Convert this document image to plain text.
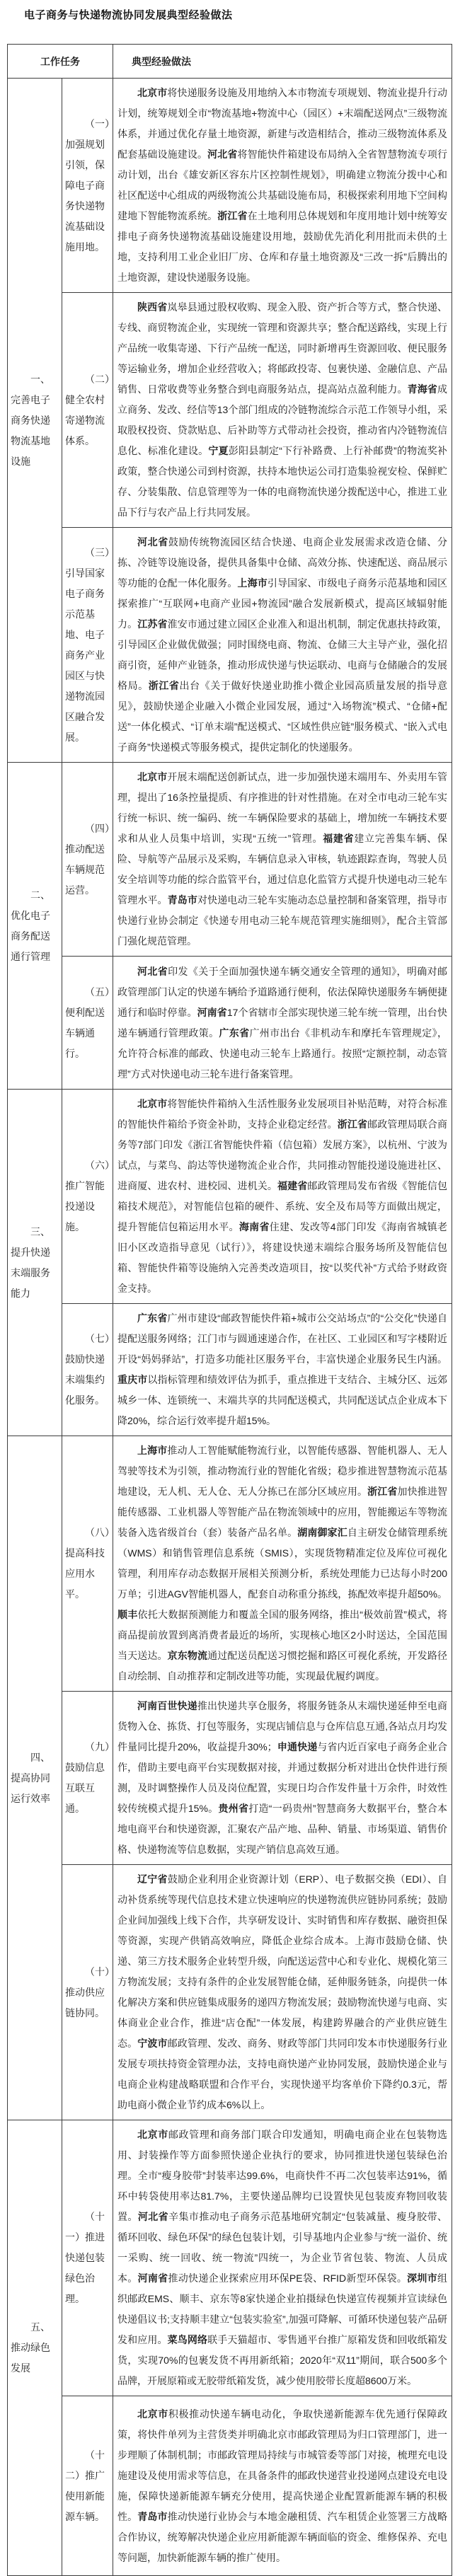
电子商务与快递物流协同发展典型经验做法
工作任务		典型经验做法

一、完善电子商务快递物流基地设施	（一）加强规划引领，保障电子商务快递物流基础设施用地。	北京市将快递服务设施及用地纳入本市物流专项规划、物流业提升行动计划，统筹规划全市“物流基地+物流中心（园区）+末端配送网点”三级物流体系，并通过优化存量土地资源，新建与改造相结合，推动三级物流体系及配套基础设施建设。河北省将智能快件箱建设布局纳入全省智慧物流专项行动计划，出台《雄安新区容东片区控制性规划》，明确建立物流分拨中心和社区配送中心组成的两级物流公共基础设施布局，积极探索利用地下空间构建地下智能物流系统。浙江省在土地利用总体规划和年度用地计划中统筹安排电子商务快递物流基础设施建设用地，鼓励优先消化利用批而未供的土地，支持利用工业企业旧厂房、仓库和存量土地资源及“三改一拆”后腾出的土地资源，建设快递服务设施。

	（二）健全农村寄递物流体系。	陕西省岚皋县通过股权收购、现金入股、资产折合等方式，整合快递、专线、商贸物流企业，实现统一管理和资源共享；整合配送路线，实现上行产品统一收集寄递、下行产品统一配送，同时新增再生资源回收、便民服务等运输业务，增加企业经营收入；将邮政投寄、包裹快递、金融信息、产品销售、日常收费等业务整合到电商服务站点，提高站点盈利能力。青海省成立商务、发改、经信等13个部门组成的冷链物流综合示范工作领导小组，采取股权投资、贷款贴息、后补助等方式带动社会投资，推动省内冷链物流信息化、标准化建设。宁夏彭阳县制定“下行补路费、上行补邮费”的物流奖补政策，整合快递公司到村资源，扶持本地快运公司打造集验视安检、保鲜贮存、分装集散、信息管理等为一体的电商物流快递分拨配送中心，推进工业品下行与农产品上行共同发展。

	（三）引导国家电子商务示范基地、电子商务产业园区与快递物流园区融合发展。	河北省鼓励传统物流园区结合快递、电商企业发展需求改造仓储、分拣、冷链等设施设备，提供具备集中仓储、高效分拣、快速配送、商品展示等功能的仓配一体化服务。上海市引导国家、市级电子商务示范基地和园区探索推广“互联网+电商产业园+物流园”融合发展新模式，提高区域辐射能力。江苏省淮安市通过建立园区企业准入和退出机制，制定优惠扶持政策，引导园区企业做优做强；同时围绕电商、物流、仓储三大主导产业，强化招商引资，延伸产业链条，推动形成快递与快运联动、电商与仓储融合的发展格局。浙江省出台《关于做好快递业助推小微企业园高质量发展的指导意见》，鼓励快递企业融入小微企业园发展，通过“入场物流”模式、“仓储+配送”一体化模式、“订单末端”配送模式、“区域性供应链”服务模式、“嵌入式电子商务”快递模式等服务模式，提供定制化的快递服务。

二、优化电子商务配送通行管理	（四）推动配送车辆规范运营。	北京市开展末端配送创新试点，进一步加强快递末端用车、外卖用车管理，提出了16条控量提质、有序推进的针对性措施。在对全市电动三轮车实行统一标识、统一编码、统一车辆保险要求的基础上，增加统一车辆技术要求和从业人员集中培训，实现“五统一”管理。福建省建立完善集车辆、保险、导航等产品展示及采购，车辆信息录入审核，轨迹跟踪查询，驾驶人员安全培训等功能的综合监管平台，通过信息化监管方式提升快递电动三轮车管理水平。青岛市对快递电动三轮车实施动态总量控制和备案管理，指导市快递行业协会制定《快递专用电动三轮车规范管理实施细则》，配合主管部门强化规范管理。

	（五）便利配送车辆通行。	河北省印发《关于全面加强快递车辆交通安全管理的通知》，明确对邮政管理部门认定的快递车辆给予道路通行便利，依法保障快递服务车辆便捷通行和临时停靠。河南省17个省辖市全部实现快递三轮车统一管理，出台快递车辆通行管理政策。广东省广州市出台《非机动车和摩托车管理规定》，允许符合标准的邮政、快递电动三轮车上路通行。按照“定额控制，动态管理”方式对快递电动三轮车进行备案管理。

三、提升快递末端服务能力	（六）推广智能投递设施。	北京市将智能快件箱纳入生活性服务业发展项目补贴范畴，对符合标准的智能快件箱给予资金补助，支持企业稳定经营。浙江省邮政管理局联合商务等7部门印发《浙江省智能快件箱（信包箱）发展方案》，以杭州、宁波为试点，与菜鸟、韵达等快递物流企业合作，共同推动智能投递设施进社区、进商厦、进农村、进校园、进机关。福建省邮政管理局发布省级《智能信包箱技术规范》，对智能信包箱的硬件、系统、安全及布局等方面做出规定，提升智能信包箱运用水平。海南省住建、发改等4部门印发《海南省城镇老旧小区改造指导意见（试行）》，将建设快递末端综合服务场所及智能信包箱、智能快件箱等设施纳入完善类改造项目，按“以奖代补”方式给予财政资金支持。

	（七）鼓励快递末端集约化服务。	广东省广州市建设“邮政智能快件箱+城市公交站场点”的“公交化”快递自提配送服务网络；江门市与圆通速递合作，在社区、工业园区和写字楼附近开设“妈妈驿站”，打造多功能社区服务平台，丰富快递企业服务民生内涵。重庆市以指标管理和绩效评估为抓手，重点推进干支结合、主城分区、远郊城乡一体、连锁统一、末端共享的共同配送模式，共同配送试点企业成本下降20%，综合运行效率提升超15%。

四、提高协同运行效率	（八）提高科技应用水平。	上海市推动人工智能赋能物流行业，以智能传感器、智能机器人、无人驾驶等技术为引领，推动物流行业的智能化省级；稳步推进智慧物流示范基地建设，无人机、无人仓、无人分拣已在部分区域应用。浙江省加快推进智能传感器、工业机器人等智能产品在物流领域中的应用，智能搬运车等物流装备入选省级首台（套）装备产品名单。湖南御家汇自主研发仓储管理系统（WMS）和销售管理信息系统（SMIS），实现货物精准定位及库位可视化管理，利用库存动态数据开展相关预测分析，系统处理能力已达每小时200万单；引进AGV智能机器人，配套自动称重分拣线，拣配效率提升超50%。顺丰依托大数据预测能力和覆盖全国的服务网络，推出“极效前置”模式，将商品提前放置到离消费者最近的场所，实现核心地区2小时送达，全国范围当天送达。京东物流通过配送员配送习惯挖掘和路区可视化系统，开发路径自动绘制、自动推荐和定制改进等功能，实现最优履约调度。

	（九）鼓励信息互联互通。	河南百世快递推出快递共享仓服务，将服务链条从末端快递延伸至电商货物入仓、拣货、打包等服务，实现店铺信息与仓库信息互通,各站点月均发件量同比提升20%，收益提升30%；申通快递与省内近百家电子商务企业合作，借助主要电商平台实现数据对接，并通过数据分析对进出仓快件进行预测，及时调整操作人员及岗位配置，实现日均合作发件量十万余件，时效性较传统模式提升15%。贵州省打造“一码贵州”智慧商务大数据平台，整合本地电商平台和快递资源，汇聚农产品产地、品种、销量、市场渠道、销售价格、快递物流等信息数据，实现产销信息高效互通。

	（十）推动供应链协同。	辽宁省鼓励企业利用企业资源计划（ERP）、电子数据交换（EDI）、自动补货系统等现代信息技术建立快速响应的快递物流供应链协同系统；鼓励企业间加强线上线下合作，共享研发设计、实时销售和库存数据、融资担保等资源，实现产供销高效响应，降低企业综合成本。上海市鼓励仓储、快递、第三方技术服务企业转型升级，向配送运营中心和专业化、规模化第三方物流发展；支持有条件的企业发展智能仓储，延伸服务链条，向提供一体化解决方案和供应链集成服务的递四方物流发展；鼓励物流快递与电商、实体商业企业合作，推进“店仓配”一体发展，构建跨界融合的产业供应链生态。宁波市邮政管理、发改、商务、财政等部门共同印发本市快递服务行业发展专项扶持资金管理办法，支持电商快递产业协同发展，鼓励快递企业与电商企业构建战略联盟和合作平台，实现快递平均客单价下降约0.3元，帮助电商小微企业节约成本6%以上。

五、推动绿色发展	（十一）推进快递包装绿色治理。	北京市邮政管理和商务部门联合印发通知，明确电商企业在包装物选用、封装操作等方面参照快递企业执行的要求，协同推进快递包装绿色治理。全市“瘦身胶带”封装率达99.6%，电商快件不再二次包装率达91%，循环中转袋使用率达81.7%，主要快递品牌均已设置快见包装废弃物回收装置。河北省辛集市推动电子商务示范基地研究制定“包装减量、瘦身胶带、循环回收、绿色环保”的绿色包装计划，引导基地内企业参与“统一溢价、统一采购、统一回收、统一物流”四统一，为企业节省包装、物流、人员成本。河南省推动快递企业探索应用环保PE袋、RFID新型环保袋。深圳市组织邮政EMS、顺丰、京东等8家快递企业拍摄绿色快递宣传视频并宣读绿色快递倡议书;支持顺丰建立“包装实验室”,加强可降解、可循环快递包装产品研发和应用。菜鸟网络联手天猫超市、零售通平台推广原箱发货和回收纸箱发货，实现70%的包裹发货不再用新纸箱；2020年“双11”期间，联合500多个品牌，开展原箱或无胶带纸箱发货，减少使用胶带长度超8600万米。

	（十二）推广使用新能源车辆。	北京市积极推动快递车辆电动化，争取快递新能源车优先通行保障政策，将快件单列为主营货类并明确北京市邮政管理局为归口管理部门，进一步理顺了体制机制；市邮政管理局持续与市城管委等部门对接，梳理充电设施建设及使用需求等信息，在具备条件的邮政快递营业投递网点建设充电设施，保障快递新能源车辆充分使用，提高快递企业配置新能源车辆的积极性。青岛市推动快递行业协会与本地金融租赁、汽车租赁企业签署三方战略合作协议，统筹解决快递企业应用新能源车辆面临的资金、维修保养、充电等问题，加快新能源车辆的推广使用。
